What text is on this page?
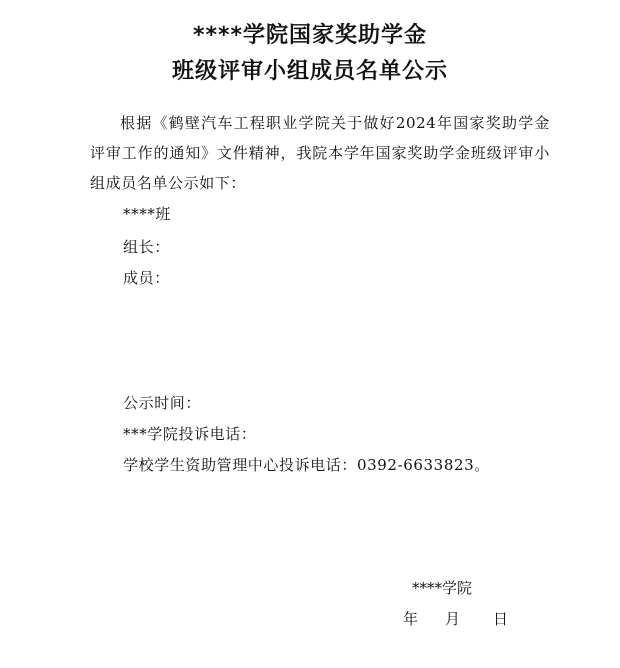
****学院国家奖助学金
班级评审小组成员名单公示
根据《鹤壁汽车工程职业学院关于做好2024年国家奖助学金评审工作的通知》文件精神，我院本学年国家奖助学金班级评审小组成员名单公示如下：
****班
组长：
成员：
公示时间：
***学院投诉电话：
学校学生资助管理中心投诉电话：0392-6633823。
****学院
年 月 日
